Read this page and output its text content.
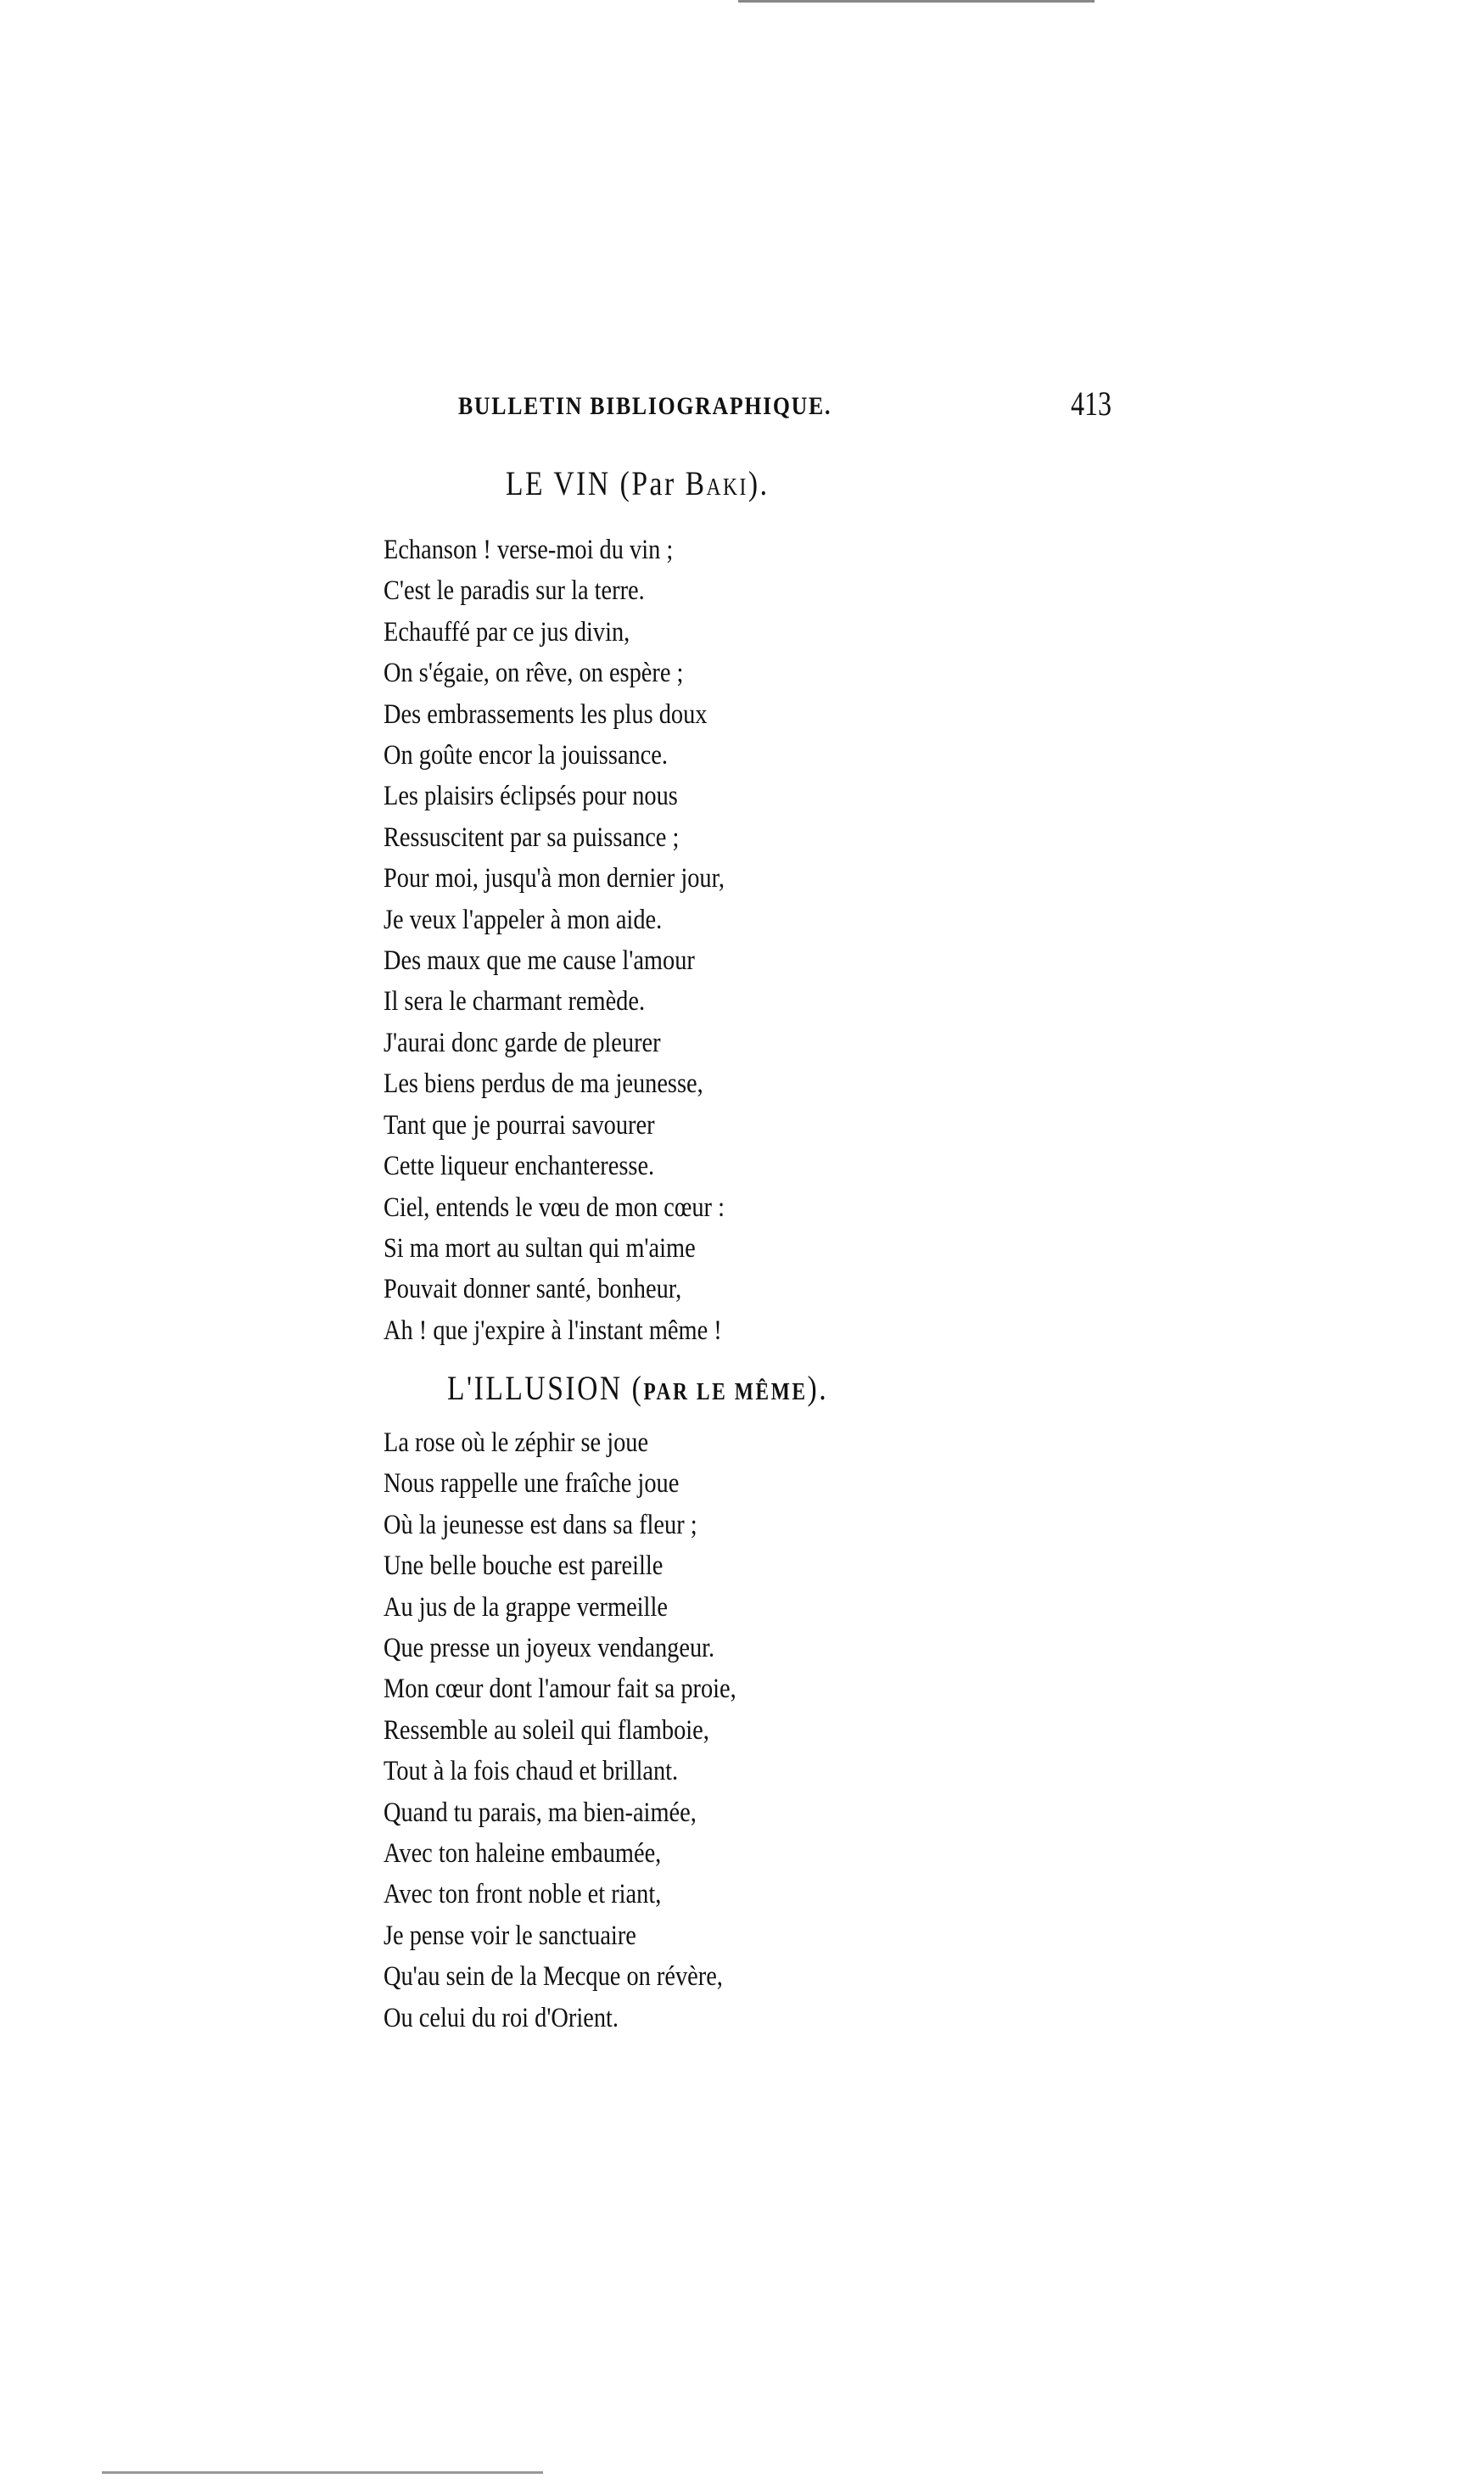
BULLETIN BIBLIOGRAPHIQUE.	413
LE VIN (Par Baki).
Echanson ! verse-moi du vin ;
C'est le paradis sur la terre.
Echauffé par ce jus divin,
On s'égaie, on rêve, on espère ;
Des embrassements les plus doux
On goûte encor la jouissance.
Les plaisirs éclipsés pour nous
Ressuscitent par sa puissance ;
Pour moi, jusqu'à mon dernier jour,
Je veux l'appeler à mon aide.
Des maux que me cause l'amour
Il sera le charmant remède.
J'aurai donc garde de pleurer
Les biens perdus de ma jeunesse,
Tant que je pourrai savourer
Cette liqueur enchanteresse.
Ciel, entends le vœu de mon cœur :
Si ma mort au sultan qui m'aime
Pouvait donner santé, bonheur,
Ah ! que j'expire à l'instant même !
L'ILLUSION (PAR LE MÊME).
La rose où le zéphir se joue
Nous rappelle une fraîche joue
Où la jeunesse est dans sa fleur ;
Une belle bouche est pareille
Au jus de la grappe vermeille
Que presse un joyeux vendangeur.
Mon cœur dont l'amour fait sa proie,
Ressemble au soleil qui flamboie,
Tout à la fois chaud et brillant.
Quand tu parais, ma bien-aimée,
Avec ton haleine embaumée,
Avec ton front noble et riant,
Je pense voir le sanctuaire
Qu'au sein de la Mecque on révère,
Ou celui du roi d'Orient.
